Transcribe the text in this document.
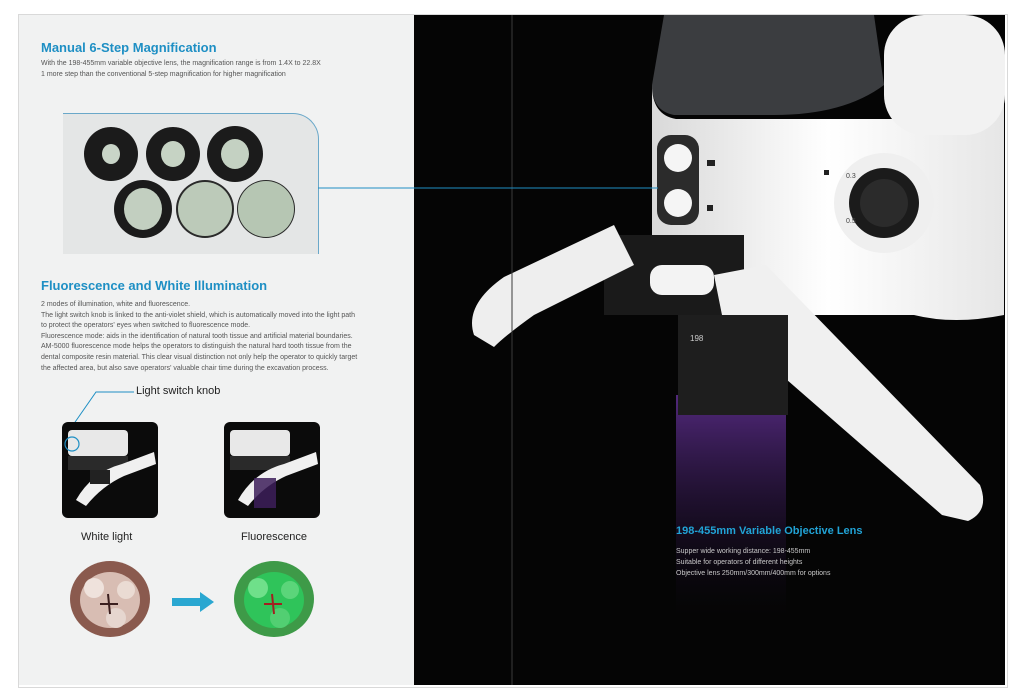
Manual 6-Step Magnification
With the 198-455mm variable objective lens, the magnification range is from 1.4X to 22.8X
1 more step than the conventional 5-step magnification for higher magnification
Fluorescence and White Illumination
2 modes of illumination, white and fluorescence.
The light switch knob is linked to the anti-violet shield, which is automatically moved into the light path
to protect the operators' eyes when switched to fluorescence mode.
Fluorescence mode: aids in the identification of natural tooth tissue and artificial material boundaries.
AM-5000 fluorescence mode helps the operators to distinguish the natural hard tooth tissue from the
dental composite resin material. This clear visual distinction not only help the operator to quickly target
the affected area, but also save operators' valuable chair time during the excavation process.
Light switch knob
White light	Fluorescence
0.3
0.5
198
198-455mm Variable Objective Lens
Supper wide working distance: 198-455mm
Suitable for operators of different heights
Objective lens 250mm/300mm/400mm for options
